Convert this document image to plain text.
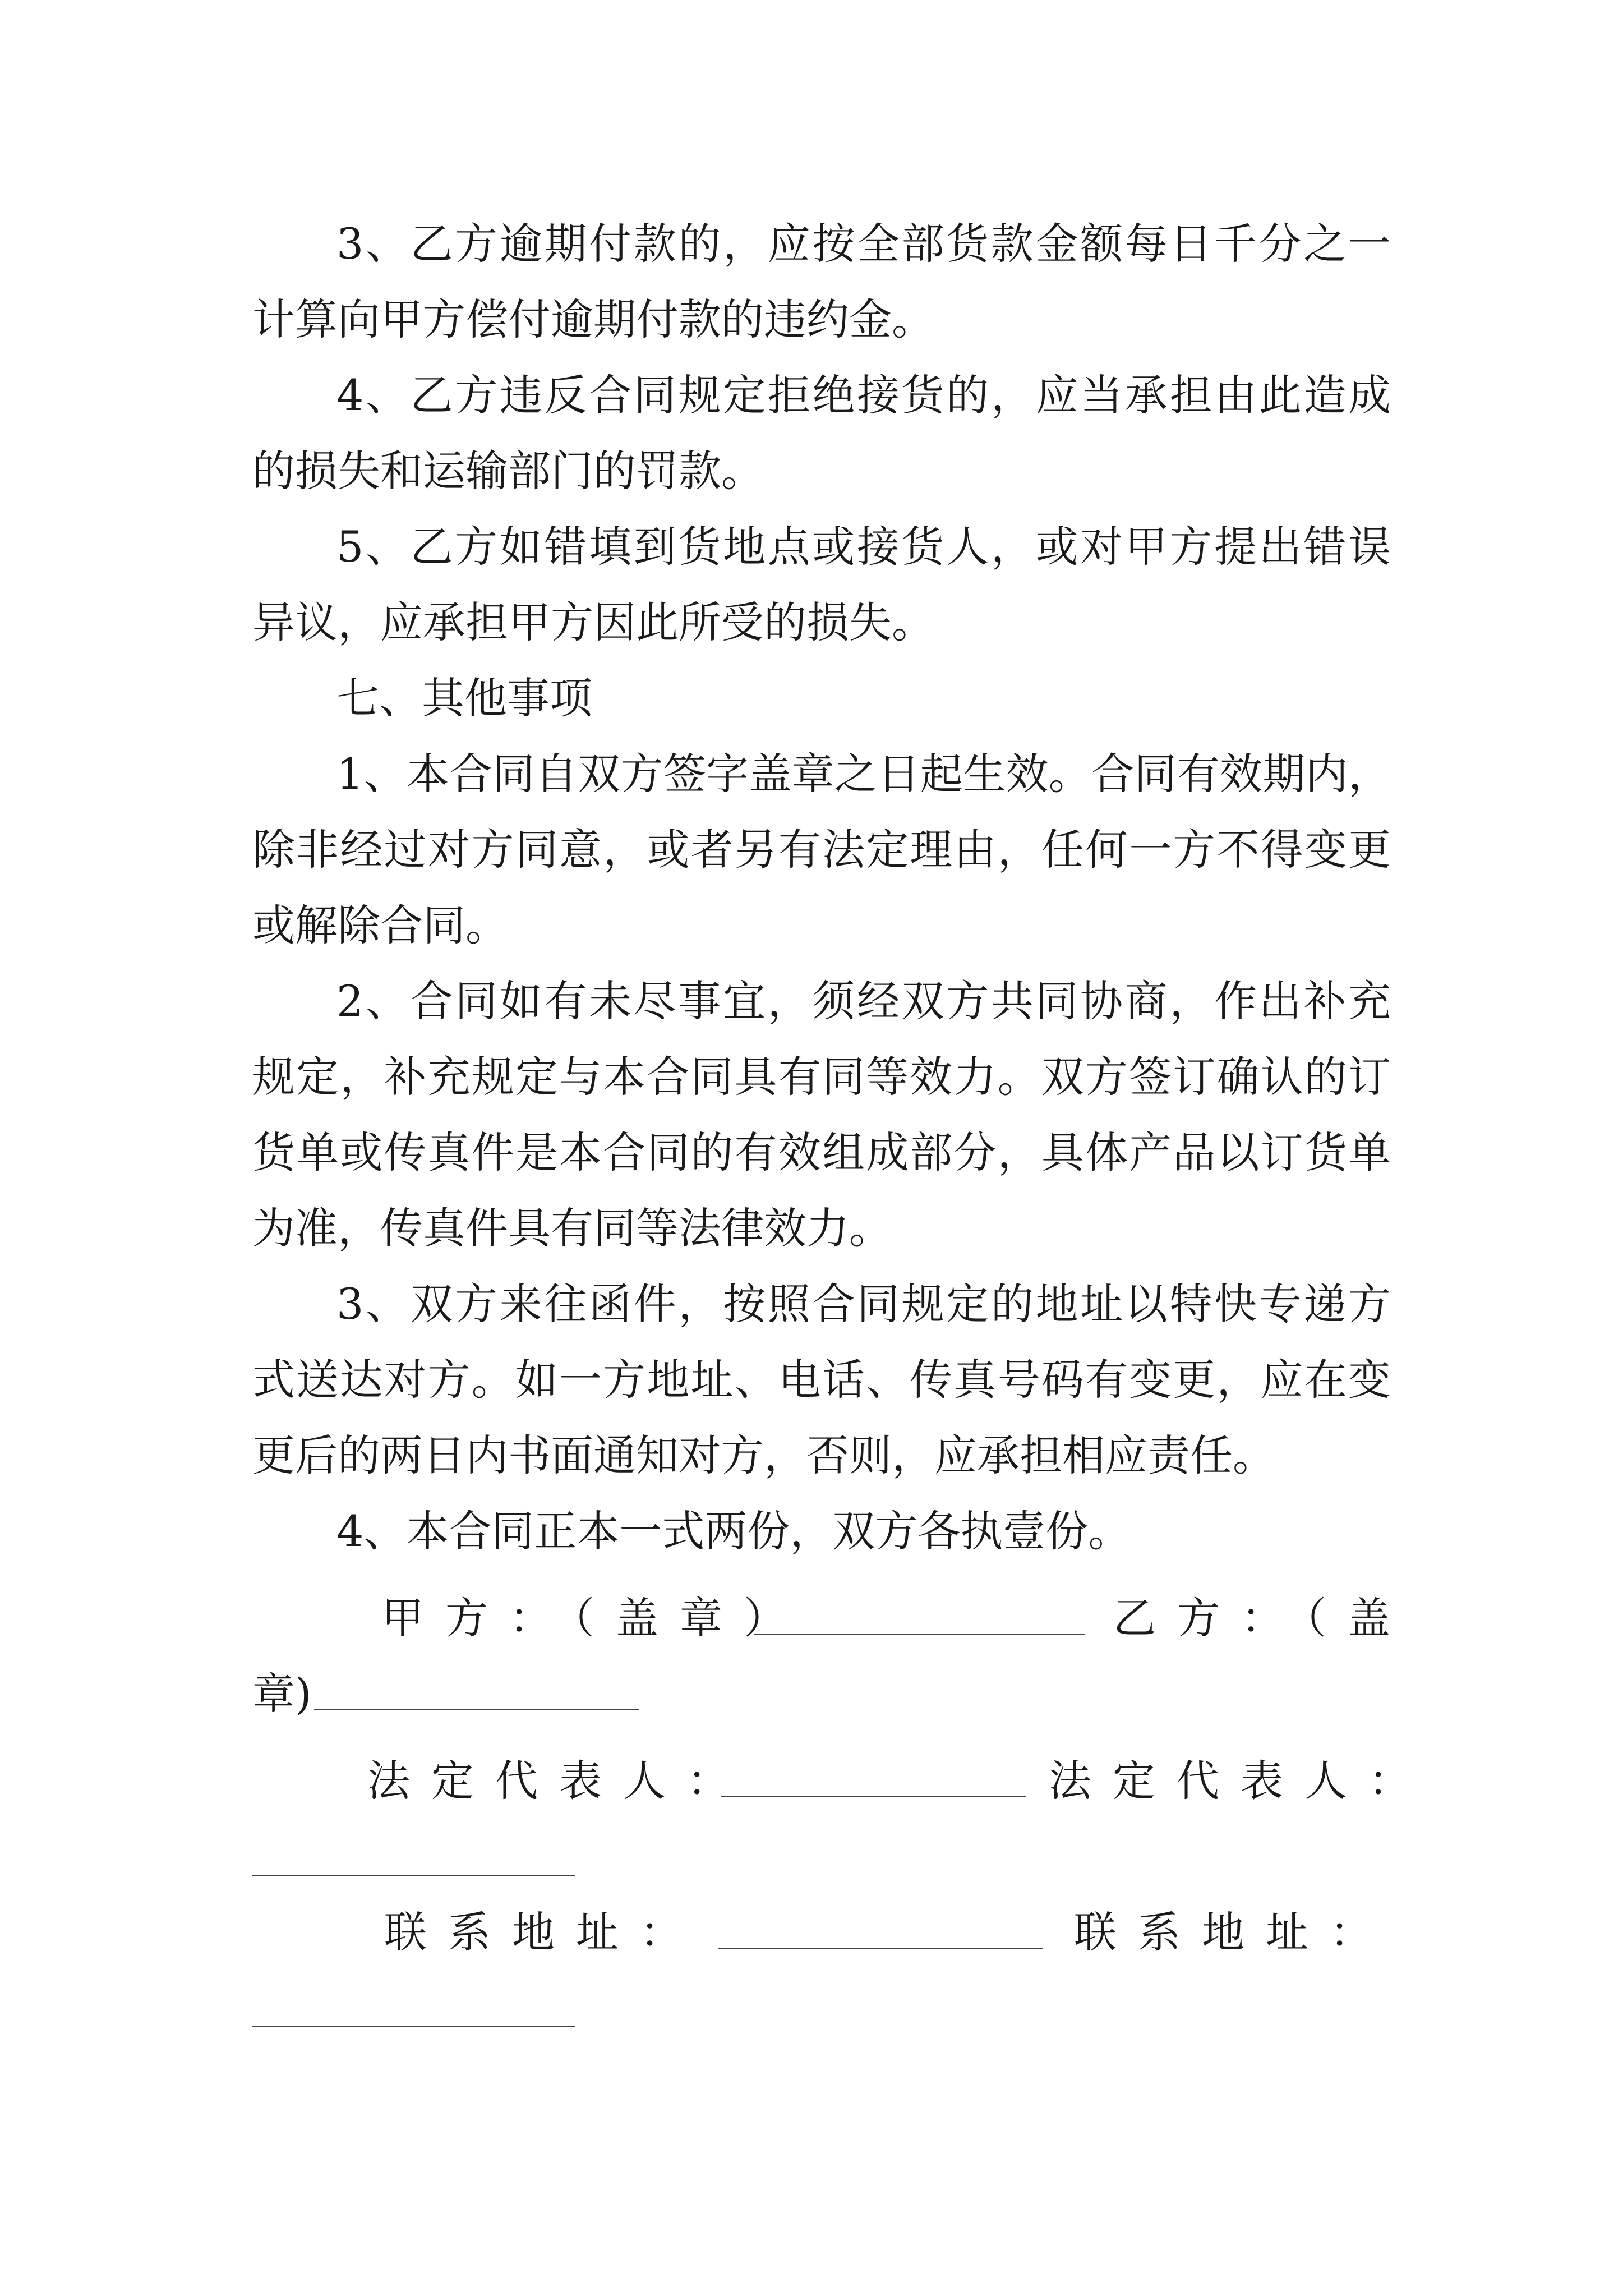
3、乙方逾期付款的，应按全部货款金额每日千分之一
计算向甲方偿付逾期付款的违约金。
4、乙方违反合同规定拒绝接货的，应当承担由此造成
的损失和运输部门的罚款。
5、乙方如错填到货地点或接货人，或对甲方提出错误
异议，应承担甲方因此所受的损失。
七、其他事项
1、本合同自双方签字盖章之日起生效。合同有效期内，
除非经过对方同意，或者另有法定理由，任何一方不得变更
或解除合同。
2、合同如有未尽事宜，须经双方共同协商，作出补充
规定，补充规定与本合同具有同等效力。双方签订确认的订
货单或传真件是本合同的有效组成部分，具体产品以订货单
为准，传真件具有同等法律效力。
3、双方来往函件，按照合同规定的地址以特快专递方
式送达对方。如一方地址、电话、传真号码有变更，应在变
更后的两日内书面通知对方，否则，应承担相应责任。
4、本合同正本一式两份，双方各执壹份。
甲方：（盖章）	乙方：（盖
章)
法定代表人：	法定代表人：
联系地址：	联系地址：
